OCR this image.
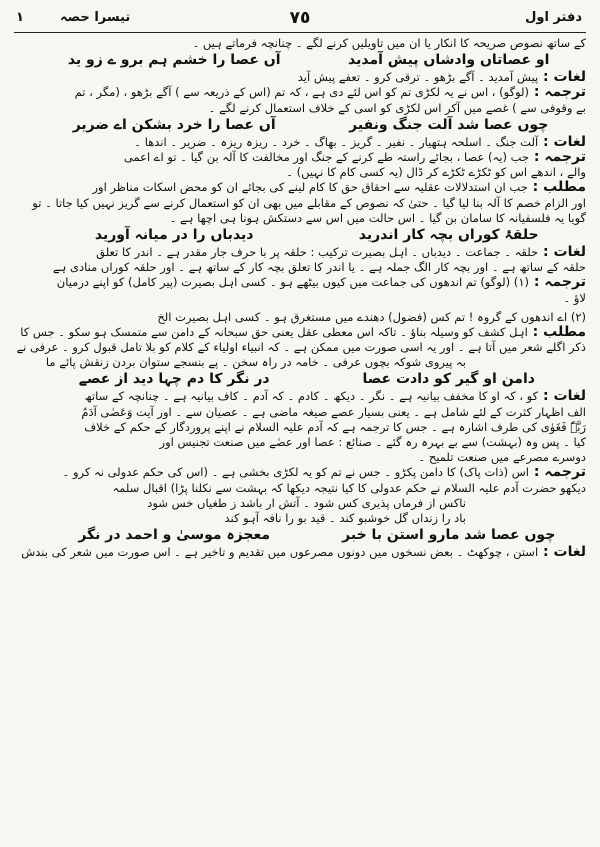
دفتر اول
٧٥
تیسرا حصہ
١
کے ساتھ نصوص صریحہ کا انکار یا ان میں تاویلیں کرنے لگے ۔ چنانچہ فرماتے ہیں ۔
او عصاتاں وادشاں پیش آمدیدآں عصا را خشم ہم برو ے زو ید
لغات : پیش آمدید ۔ آگے بڑھو ۔ ترقی کرو ۔ تعفے پیش آید
ترجمہ : (لوگو) ، اس نے یہ لکڑی تم کو اس لئے دی ہے ، کہ تم (اس کے ذریعہ سے ) آگے بڑھو ، (مگر ، تم
بے وقوفی سے ) غصے میں آکر اس لکڑی کو اسی کے خلاف استعمال کرنے لگے ۔
چوں عصا شد آلت جنگ ونفیرآں عصا را خرد بشکن اے ضریر
لغات : آلت جنگ ۔ اسلحہ ہتھیار ۔ نفیر ۔ گریز ۔ بھاگ ۔ خرد ۔ ریزہ ریزہ ۔ ضریر ۔ اندھا ۔
ترجمہ : جب (یہ) عصا ، بجائے راستہ طے کرنے کے جنگ اور مخالفت کا آلہ بن گیا ۔ تو اے اعمی
والے ، اندھے اس کو ٹکڑے ٹکڑے کر ڈال (یہ کسی کام کا نہیں) ۔
مطلب : جب ان استدلالات عقلیہ سے احقاق حق کا کام لینے کی بجائے ان کو محض اسکات مناظر اور
اور الزام خصم کا آلہ بنا لیا گیا ۔ حتیٰ کہ نصوص کے مقابلے میں بھی ان کو استعمال کرنے سے گریز نہیں کیا جاتا ۔ تو
گویا یہ فلسفیانہ کا سامان بن گیا ۔ اس حالت میں اس سے دستکش ہونا ہی اچھا ہے ۔
حلقۂ کوراں بچہ کار اندریددیدباں را در میانہ آورید
لغات : حلقہ ۔ جماعت ۔ دیدباں ۔ اہل بصیرت ترکیب : حلقہ پر با حرف جار مقدر ہے ۔ اندر کا تعلق
حلقہ کے ساتھ ہے ۔ اور بچہ کار الگ جملہ ہے ۔ یا اندر کا تعلق بچہ کار کے ساتھ ہے ۔ اور حلقہ کوراں منادی ہے
ترجمہ : (۱) (لوگو) تم اندھوں کی جماعت میں کیوں بیٹھے ہو ۔ کسی اہل بصیرت (پیر کامل) کو اپنے درمیان
لاؤ ۔
(۲) اے اندھوں کے گروہ ! تم کس (فضول) دھندے میں مستغرق ہو ۔ کسی اہل بصیرت الخ
مطلب : اہل کشف کو وسیلہ بناؤ ۔ تاکہ اس معطی عقل یعنی حق سبحانہ کے دامن سے متمسک ہو سکو ۔ جس کا
ذکر اگلے شعر میں آتا ہے ۔ اور یہ اسی صورت میں ممکن ہے ۔ کہ انبیاء اولیاء کے کلام کو بلا تامل قبول کرو ۔ عرفی نے
بہ پیروی شوکہ بچوں عرفی ۔ خامہ در راہ سخن ۔ پے بنسجے ستوان بردن زنقش پائے ما
دامن او گیر کو دادت عصادر نگر کا دم چہا دید از عصے
لغات : کو ، کہ او کا مخفف بیانیہ ہے ۔ نگر ۔ دیکھ ۔ کادم ۔ کہ آدم ۔ کاف بیانیہ ہے ۔ چنانچہ کے ساتھ
الف اظہار کثرت کے لئے شامل ہے ۔ یعنی بسیار عصے صیغہ ماضی ہے ۔ عصیان سے ۔ اور آیت وَعَصٰی آدَمُ
رَبَّہٗ فَغَوٰی کی طرف اشارہ ہے ۔ جس کا ترجمہ ہے کہ آدم علیہ السلام نے اپنے پروردگار کے حکم کے خلاف
کیا ۔ پس وہ (بہشت) سے بے بہرہ رہ گئے ۔ صنائع : عصا اور عصٰے میں صنعت تجنیس اور
دوسرے مصرعے میں صنعت تلمیح ۔
ترجمہ : اس (ذات پاک) کا دامن پکڑو ۔ جس نے تم کو یہ لکڑی بخشی ہے ۔ (اس کی حکم عدولی نہ کرو ۔
دیکھو حضرت آدم علیہ السلام نے حکم عدولی کا کیا نتیجہ دیکھا کہ بہشت سے نکلنا پڑا) اقبال سلمہ
ناکس از فرماں پذیری کس شود ۔ آتش ار باشد ز طغیاں خس شود
باد را زنداں گل خوشبو کند ۔ قید بو را نافہ آہو کند
چوں عصا شد مارو استن با خبرمعجزہ موسیٰ و احمد در نگر
لغات : استن ، چوکھٹ ۔ بعض نسخوں میں دونوں مصرعوں میں تقدیم و تاخیر ہے ۔ اس صورت میں شعر کی بندش
